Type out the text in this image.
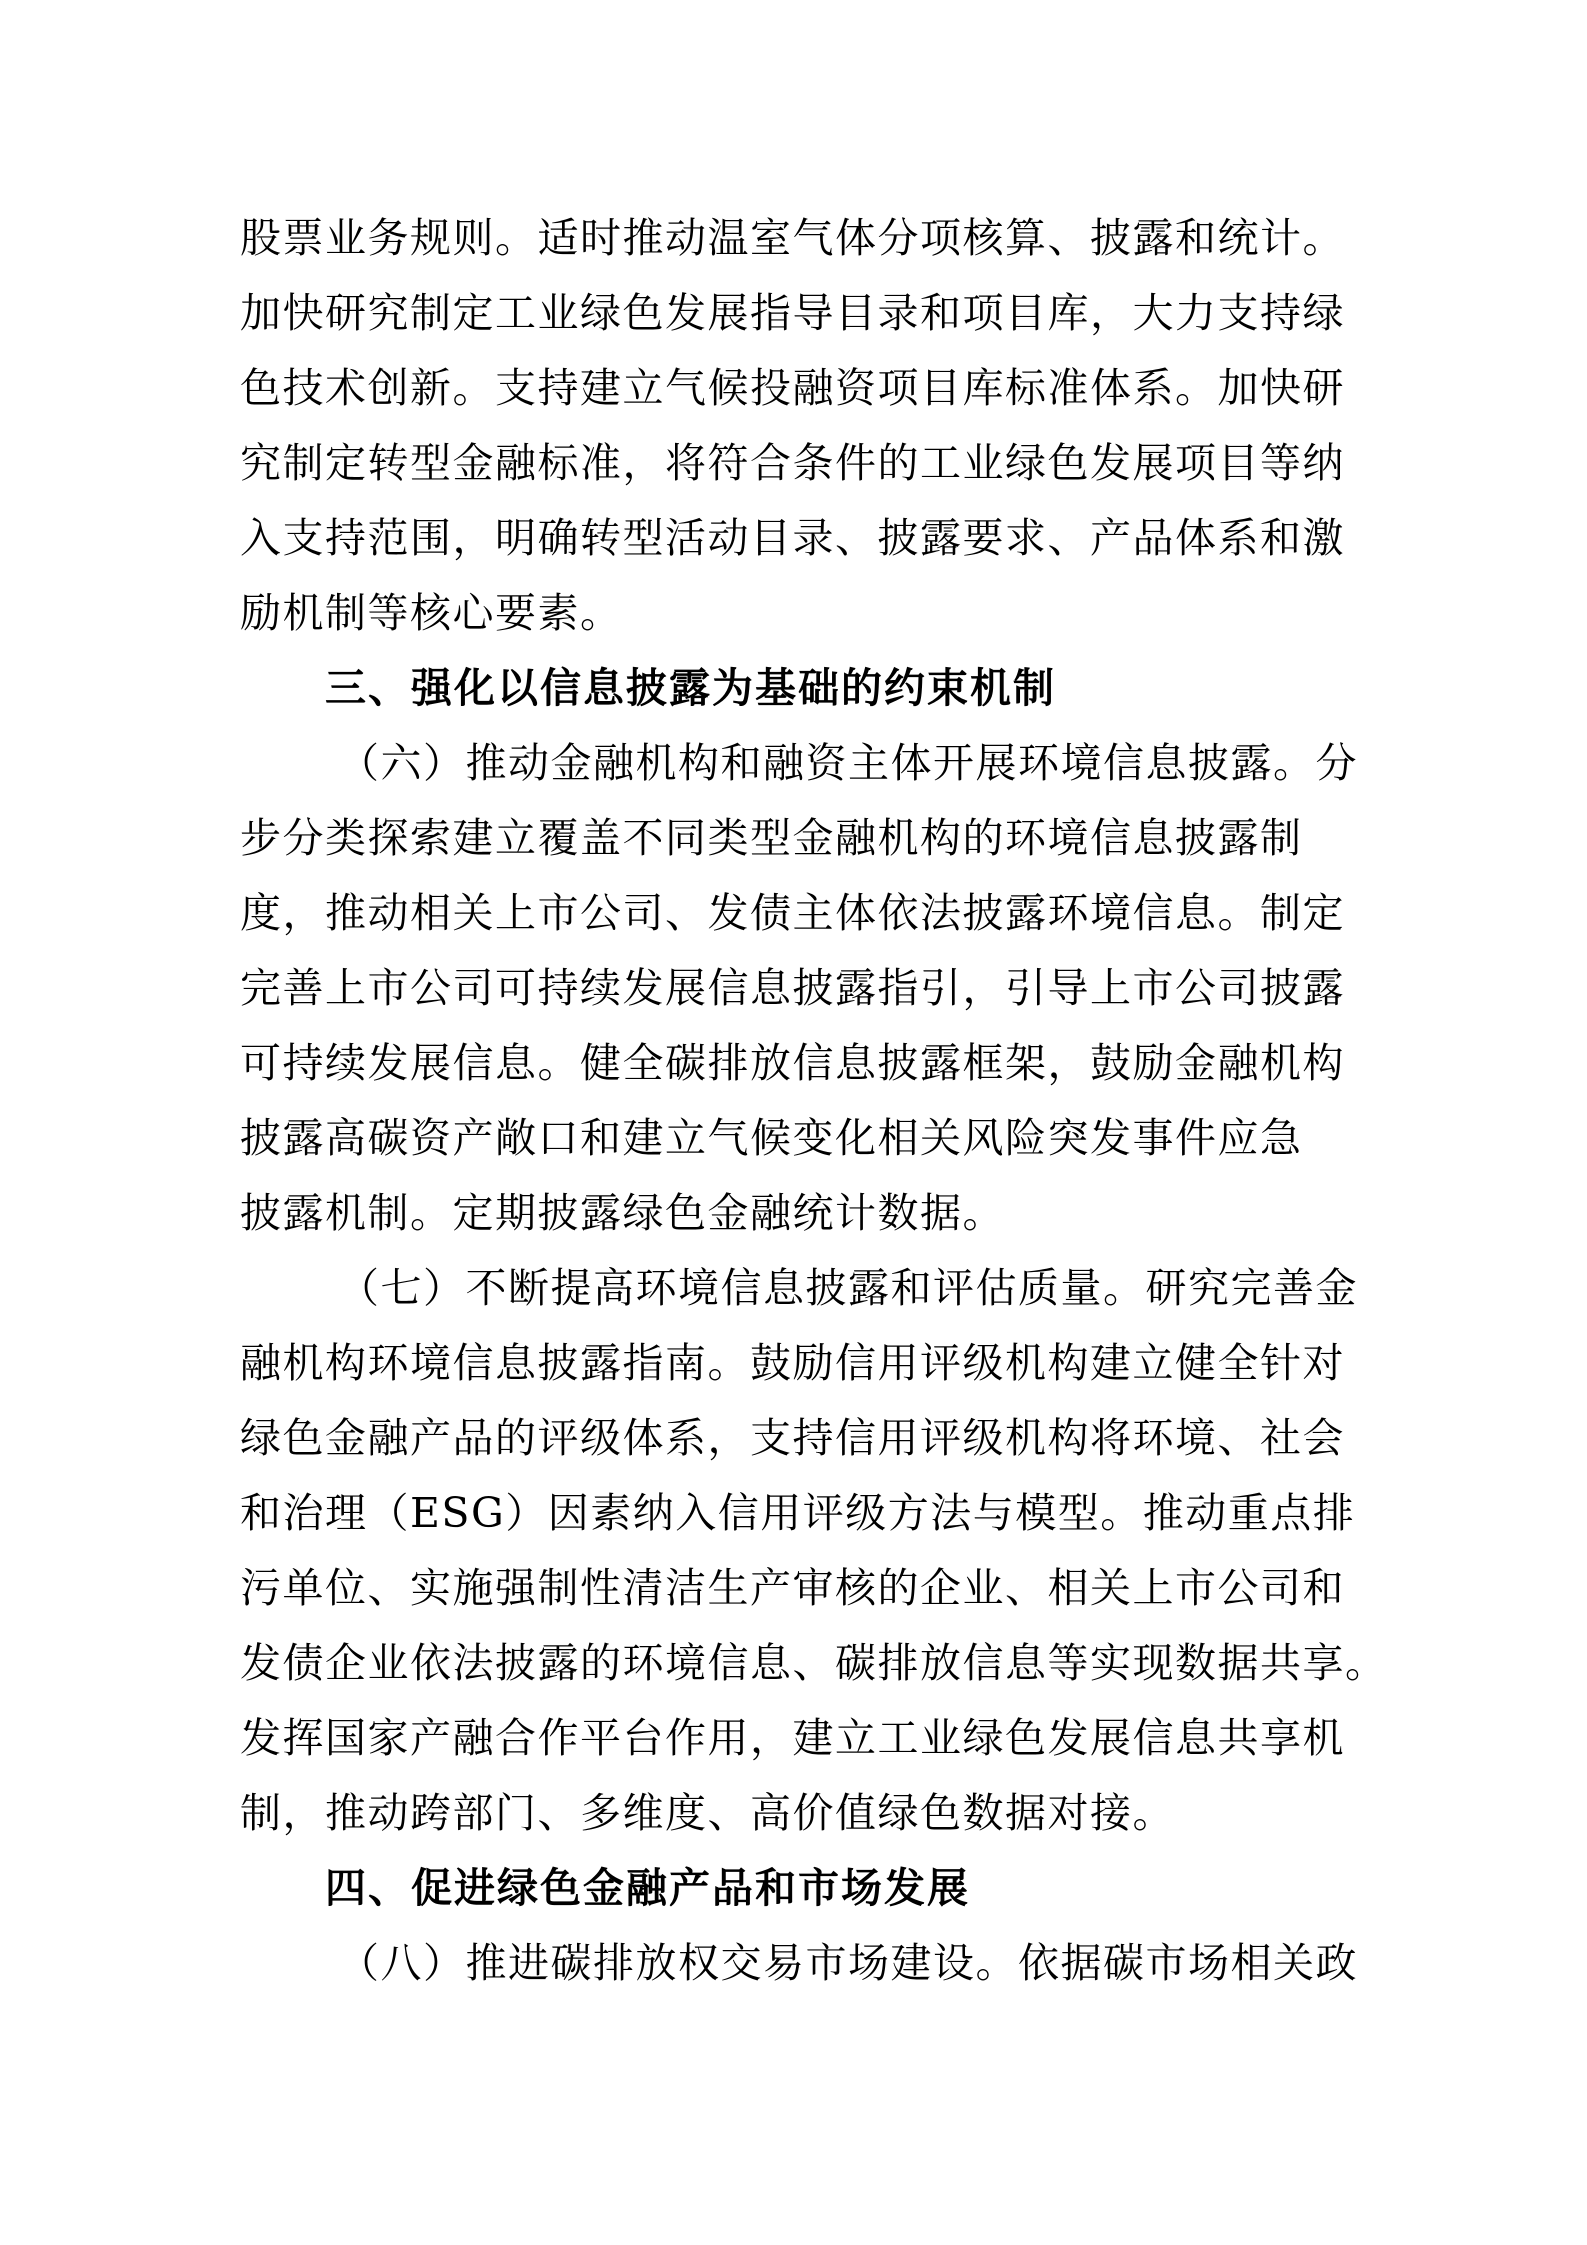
股票业务规则。适时推动温室气体分项核算、披露和统计。
加快研究制定工业绿色发展指导目录和项目库，大力支持绿
色技术创新。支持建立气候投融资项目库标准体系。加快研
究制定转型金融标准，将符合条件的工业绿色发展项目等纳
入支持范围，明确转型活动目录、披露要求、产品体系和激
励机制等核心要素。
三、强化以信息披露为基础的约束机制
（六）推动金融机构和融资主体开展环境信息披露。分
步分类探索建立覆盖不同类型金融机构的环境信息披露制
度，推动相关上市公司、发债主体依法披露环境信息。制定
完善上市公司可持续发展信息披露指引，引导上市公司披露
可持续发展信息。健全碳排放信息披露框架，鼓励金融机构
披露高碳资产敞口和建立气候变化相关风险突发事件应急
披露机制。定期披露绿色金融统计数据。
（七）不断提高环境信息披露和评估质量。研究完善金
融机构环境信息披露指南。鼓励信用评级机构建立健全针对
绿色金融产品的评级体系，支持信用评级机构将环境、社会
和治理（ESG）因素纳入信用评级方法与模型。推动重点排
污单位、实施强制性清洁生产审核的企业、相关上市公司和
发债企业依法披露的环境信息、碳排放信息等实现数据共享。
发挥国家产融合作平台作用，建立工业绿色发展信息共享机
制，推动跨部门、多维度、高价值绿色数据对接。
四、促进绿色金融产品和市场发展
（八）推进碳排放权交易市场建设。依据碳市场相关政
